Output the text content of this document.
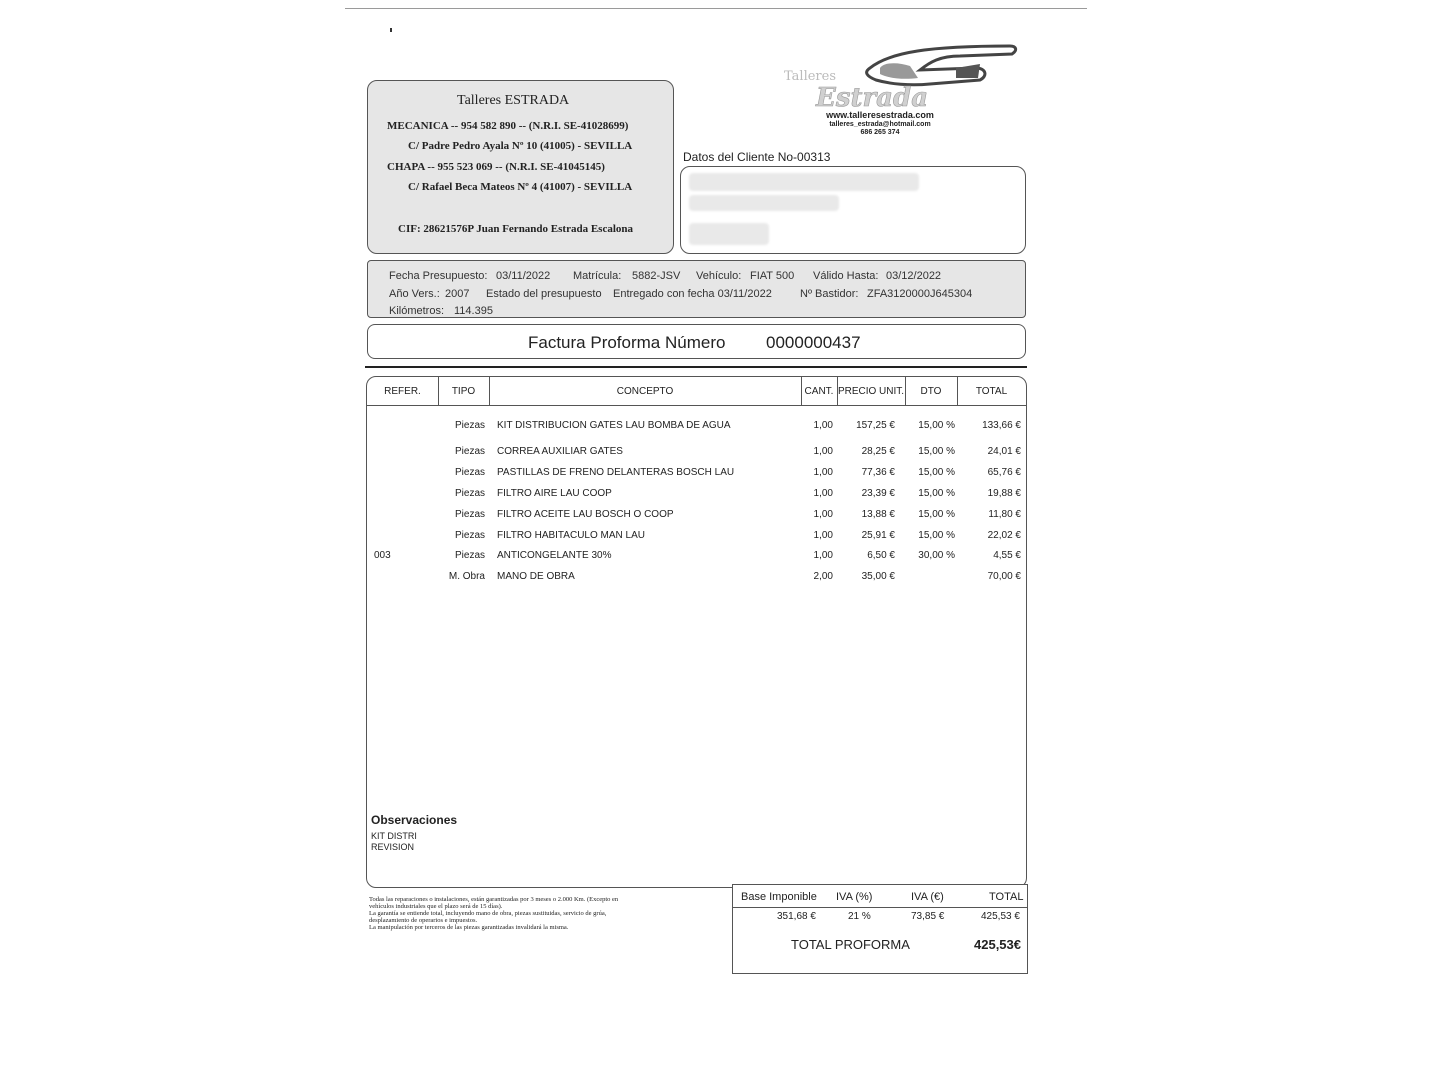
Talleres ESTRADA
MECANICA -- 954 582 890 -- (N.R.I. SE-41028699)
C/ Padre Pedro Ayala Nº 10 (41005) - SEVILLA
CHAPA -- 955 523 069 -- (N.R.I. SE-41045145)
C/ Rafael Beca Mateos Nº 4 (41007) - SEVILLA
CIF: 28621576P Juan Fernando Estrada Escalona
Talleres
Estrada
www.talleresestrada.com
talleres_estrada@hotmail.com
686 265 374
Datos del Cliente No-00313
Fecha Presupuesto: 03/11/2022 Matrícula: 5882-JSV Vehículo: FIAT 500 Válido Hasta: 03/12/2022
Año Vers.: 2007 Estado del presupuesto Entregado con fecha 03/11/2022	Nº Bastidor: ZFA3120000J645304
Kilómetros: 114.395
Factura Proforma Número 0000000437
REFER.	TIPO	CONCEPTO	CANT. PRECIO UNIT.	DTO	TOTAL
Piezas KIT DISTRIBUCION GATES LAU BOMBA DE AGUA	1,00	157,25 €	15,00 %	133,66 €
Piezas CORREA AUXILIAR GATES	1,00	28,25 €	15,00 %	24,01 €
Piezas PASTILLAS DE FRENO DELANTERAS BOSCH LAU	1,00	77,36 €	15,00 %	65,76 €
Piezas FILTRO AIRE LAU COOP	1,00	23,39 €	15,00 %	19,88 €
Piezas FILTRO ACEITE LAU BOSCH O COOP	1,00	13,88 €	15,00 %	11,80 €
Piezas FILTRO HABITACULO MAN LAU	1,00	25,91 €	15,00 %	22,02 €
003	Piezas ANTICONGELANTE 30%	1,00	6,50 €	30,00 %	4,55 €
M. Obra MANO DE OBRA	2,00	35,00 €	70,00 €
Observaciones
KIT DISTRI
REVISION
Todas las reparaciones o instalaciones, están garantizadas por 3 meses o 2.000 Km. (Excepto en
vehículos industriales que el plazo será de 15 días).
La garantía se entiende total, incluyendo mano de obra, piezas sustituidas, servicio de grúa,
desplazamiento de operarios e impuestos.
La manipulación por terceros de las piezas garantizadas invalidará la misma.
Base Imponible IVA (%)	IVA (€)	TOTAL
351,68 €	21 %	73,85 €	425,53 €
TOTAL PROFORMA	425,53€
